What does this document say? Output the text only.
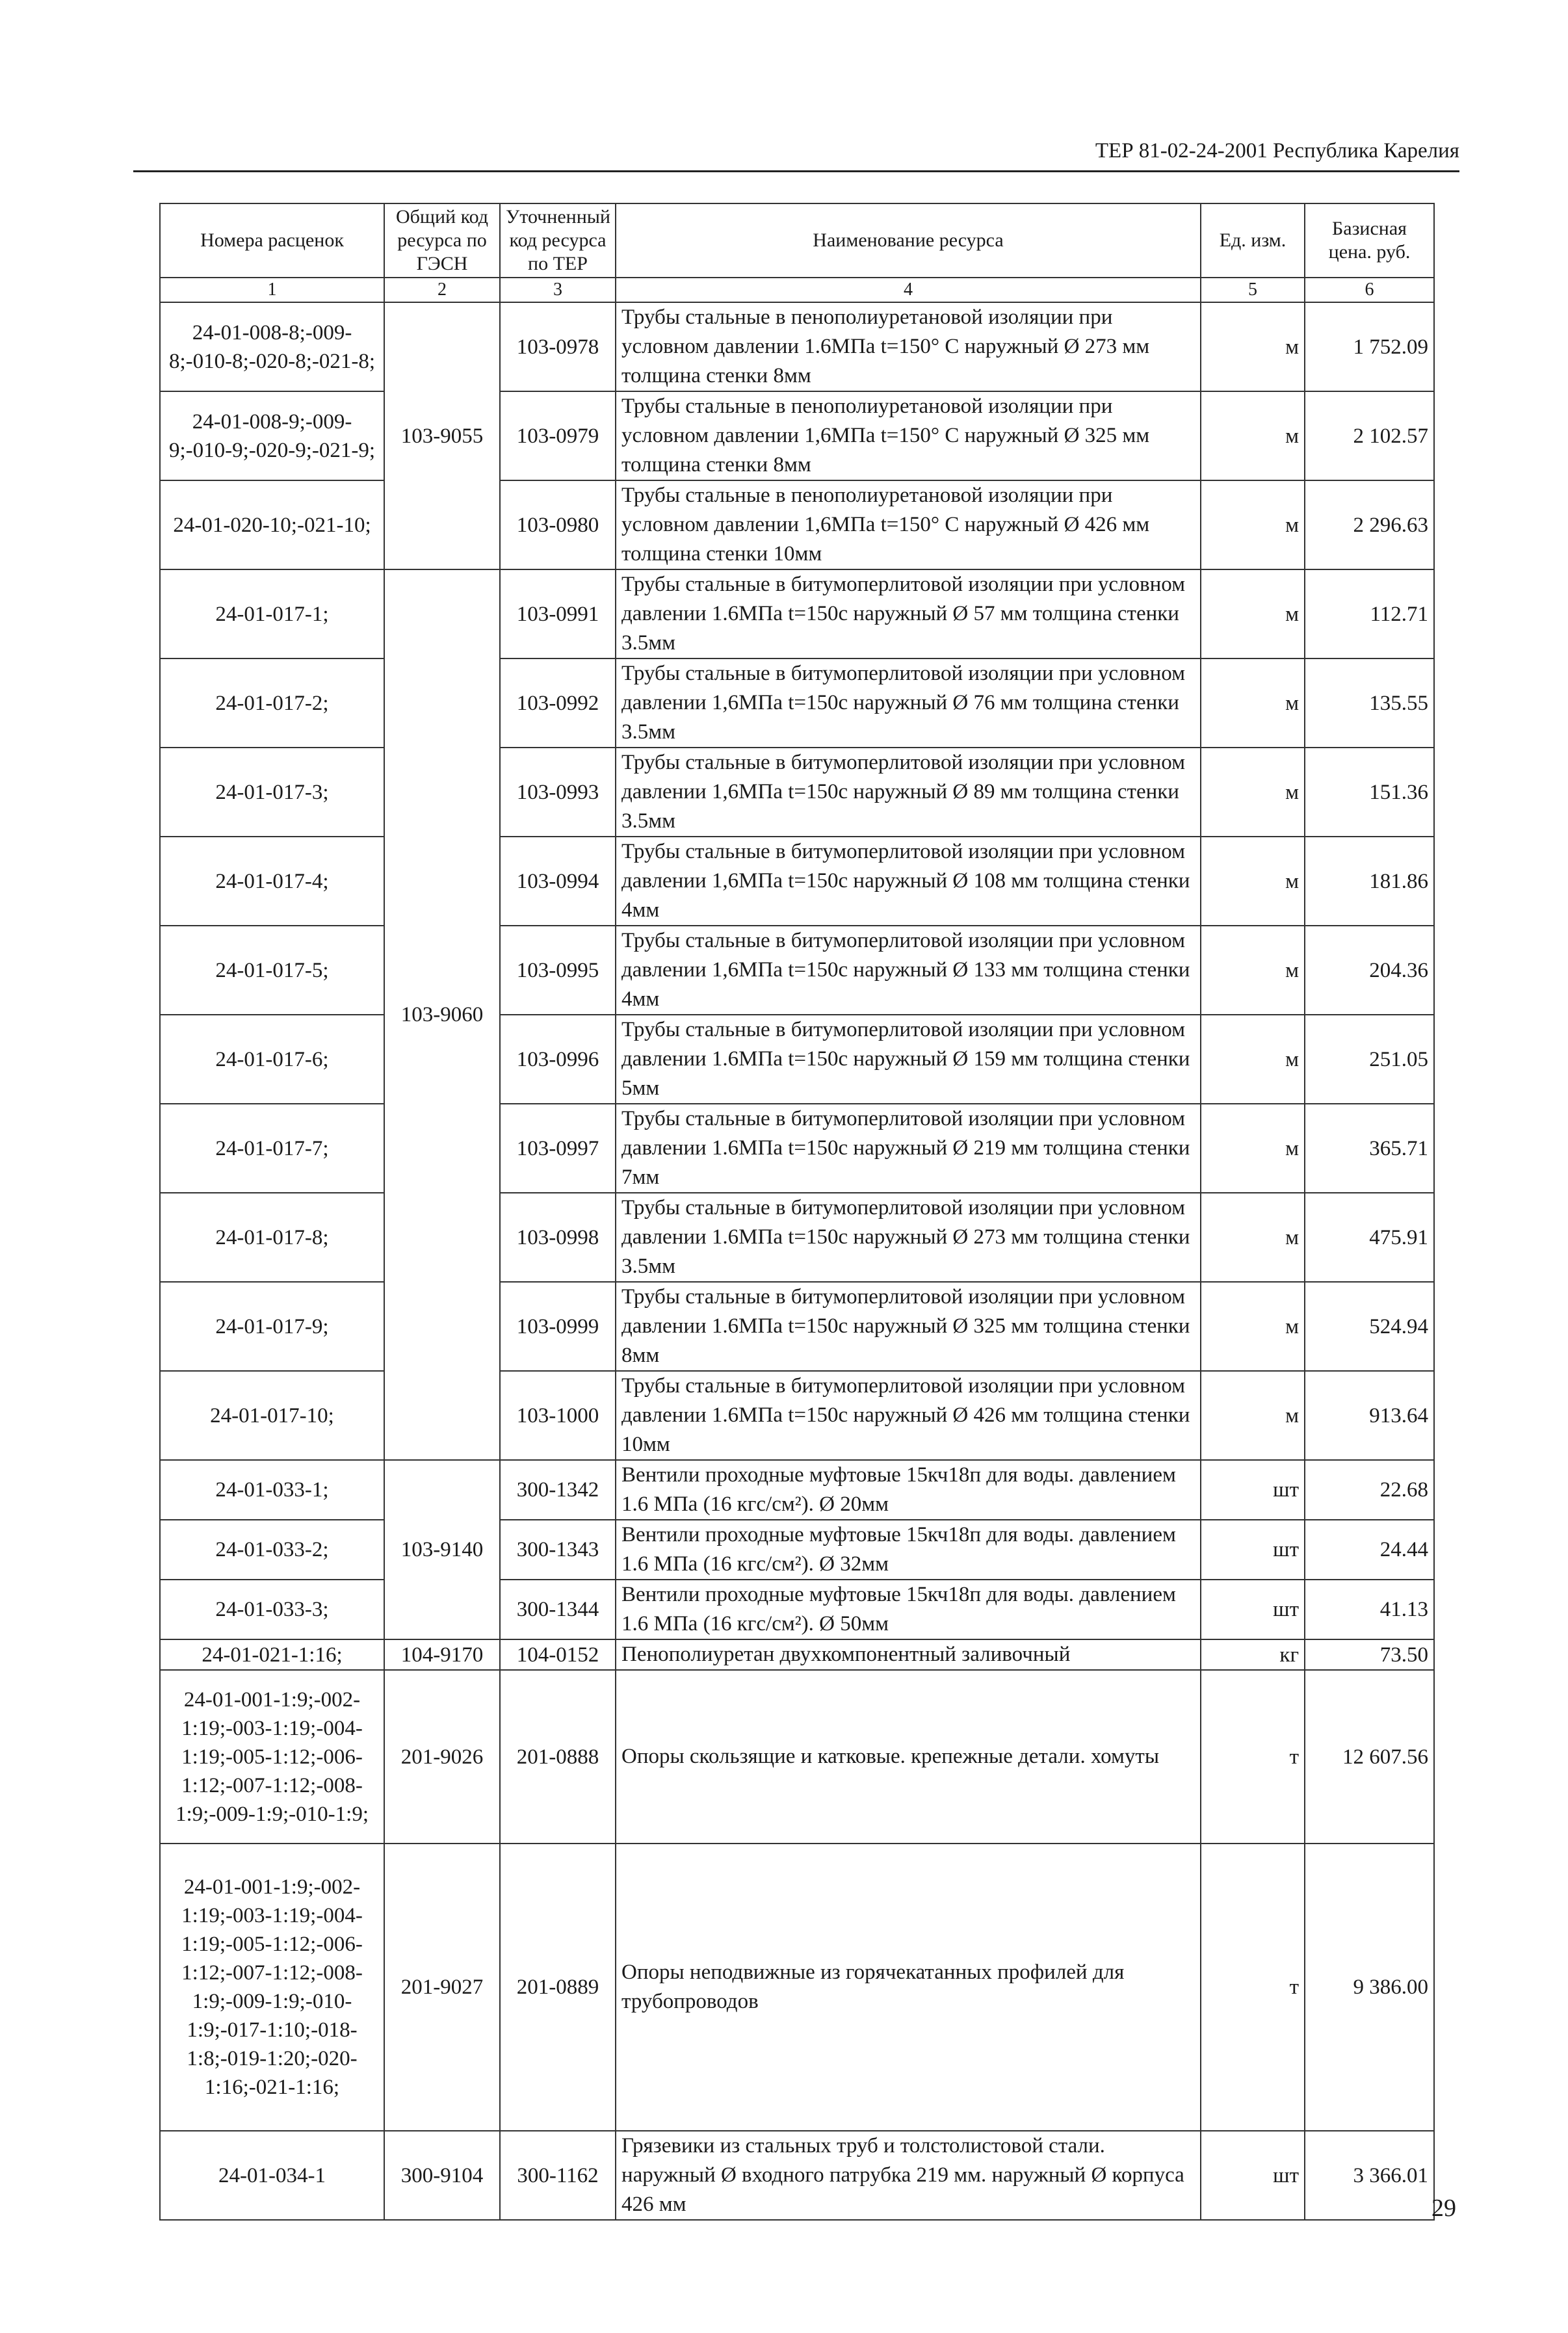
ТЕР 81-02-24-2001 Республика Карелия
Номера расценок	Общий код ресурса по ГЭСН	Уточненный код ресурса по ТЕР	Наименование ресурса	Ед. изм.	Базисная цена. руб.
1	2	3	4	5	6
24-01-008-8;-009-8;-010-8;-020-8;-021-8;	103-9055	103-0978	Трубы стальные в пенополиуретановой изоляции при условном давлении 1.6МПа t=150° С наружный Ø 273 мм толщина стенки 8мм	м	1 752.09
24-01-008-9;-009-9;-010-9;-020-9;-021-9;		103-0979	Трубы стальные в пенополиуретановой изоляции при условном давлении 1,6МПа t=150° С наружный Ø 325 мм толщина стенки 8мм	м	2 102.57
24-01-020-10;-021-10;		103-0980	Трубы стальные в пенополиуретановой изоляции при условном давлении 1,6МПа t=150° С наружный Ø 426 мм толщина стенки 10мм	м	2 296.63
24-01-017-1;	103-9060	103-0991	Трубы стальные в битумоперлитовой изоляции при условном давлении 1.6МПа t=150с наружный Ø 57 мм толщина стенки 3.5мм	м	112.71
24-01-017-2;		103-0992	Трубы стальные в битумоперлитовой изоляции при условном давлении 1,6МПа t=150с наружный Ø 76 мм толщина стенки 3.5мм	м	135.55
24-01-017-3;		103-0993	Трубы стальные в битумоперлитовой изоляции при условном давлении 1,6МПа t=150с наружный Ø 89 мм толщина стенки 3.5мм	м	151.36
24-01-017-4;		103-0994	Трубы стальные в битумоперлитовой изоляции при условном давлении 1,6МПа t=150с наружный Ø 108 мм толщина стенки 4мм	м	181.86
24-01-017-5;		103-0995	Трубы стальные в битумоперлитовой изоляции при условном давлении 1,6МПа t=150с наружный Ø 133 мм толщина стенки 4мм	м	204.36
24-01-017-6;		103-0996	Трубы стальные в битумоперлитовой изоляции при условном давлении 1.6МПа t=150с наружный Ø 159 мм толщина стенки 5мм	м	251.05
24-01-017-7;		103-0997	Трубы стальные в битумоперлитовой изоляции при условном давлении 1.6МПа t=150с наружный Ø 219 мм толщина стенки 7мм	м	365.71
24-01-017-8;		103-0998	Трубы стальные в битумоперлитовой изоляции при условном давлении 1.6МПа t=150с наружный Ø 273 мм толщина стенки 3.5мм	м	475.91
24-01-017-9;		103-0999	Трубы стальные в битумоперлитовой изоляции при условном давлении 1.6МПа t=150с наружный Ø 325 мм толщина стенки 8мм	м	524.94
24-01-017-10;		103-1000	Трубы стальные в битумоперлитовой изоляции при условном давлении 1.6МПа t=150с наружный Ø 426 мм толщина стенки 10мм	м	913.64
24-01-033-1;	103-9140	300-1342	Вентили проходные муфтовые 15кч18п для воды. давлением 1.6 МПа (16 кгс/см²). Ø 20мм	шт	22.68
24-01-033-2;		300-1343	Вентили проходные муфтовые 15кч18п для воды. давлением 1.6 МПа (16 кгс/см²). Ø 32мм	шт	24.44
24-01-033-3;		300-1344	Вентили проходные муфтовые 15кч18п для воды. давлением 1.6 МПа (16 кгс/см²). Ø 50мм	шт	41.13
24-01-021-1:16;	104-9170	104-0152	Пенополиуретан двухкомпонентный заливочный	кг	73.50
24-01-001-1:9;-002-1:19;-003-1:19;-004-1:19;-005-1:12;-006-1:12;-007-1:12;-008-1:9;-009-1:9;-010-1:9;	201-9026	201-0888	Опоры скользящие и катковые. крепежные детали. хомуты	т	12 607.56
24-01-001-1:9;-002-1:19;-003-1:19;-004-1:19;-005-1:12;-006-1:12;-007-1:12;-008-1:9;-009-1:9;-010-1:9;-017-1:10;-018-1:8;-019-1:20;-020-1:16;-021-1:16;	201-9027	201-0889	Опоры неподвижные из горячекатанных профилей для трубопроводов	т	9 386.00
24-01-034-1	300-9104	300-1162	Грязевики из стальных труб и толстолистовой стали. наружный Ø входного патрубка 219 мм. наружный Ø корпуса 426 мм	шт	3 366.01
29
